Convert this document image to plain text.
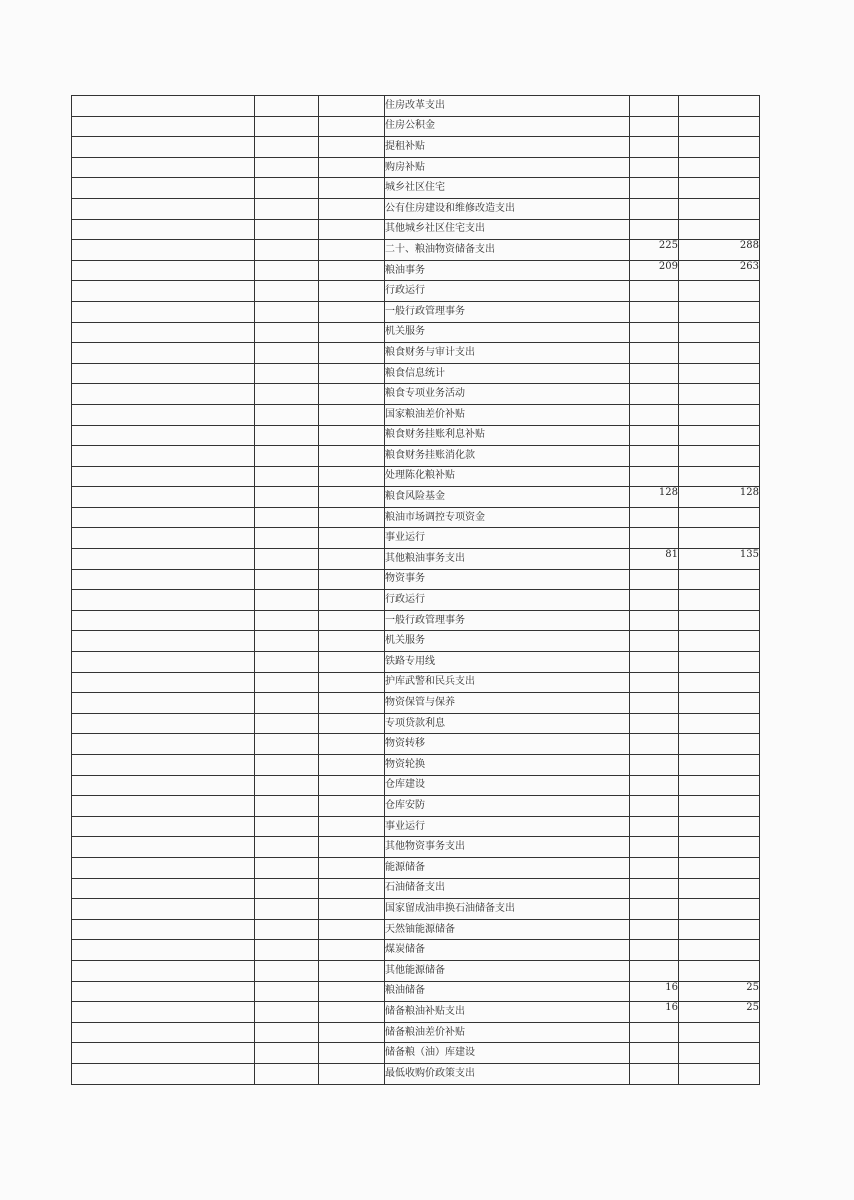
			住房改革支出		
			住房公积金		
			提租补贴		
			购房补贴		
			城乡社区住宅		
			公有住房建设和维修改造支出		
			其他城乡社区住宅支出		
			二十、粮油物资储备支出	225	288
			粮油事务	209	263
			行政运行		
			一般行政管理事务		
			机关服务		
			粮食财务与审计支出		
			粮食信息统计		
			粮食专项业务活动		
			国家粮油差价补贴		
			粮食财务挂账利息补贴		
			粮食财务挂账消化款		
			处理陈化粮补贴		
			粮食风险基金	128	128
			粮油市场调控专项资金		
			事业运行		
			其他粮油事务支出	81	135
			物资事务		
			行政运行		
			一般行政管理事务		
			机关服务		
			铁路专用线		
			护库武警和民兵支出		
			物资保管与保养		
			专项贷款利息		
			物资转移		
			物资轮换		
			仓库建设		
			仓库安防		
			事业运行		
			其他物资事务支出		
			能源储备		
			石油储备支出		
			国家留成油串换石油储备支出		
			天然铀能源储备		
			煤炭储备		
			其他能源储备		
			粮油储备	16	25
			储备粮油补贴支出	16	25
			储备粮油差价补贴		
			储备粮（油）库建设		
			最低收购价政策支出		
